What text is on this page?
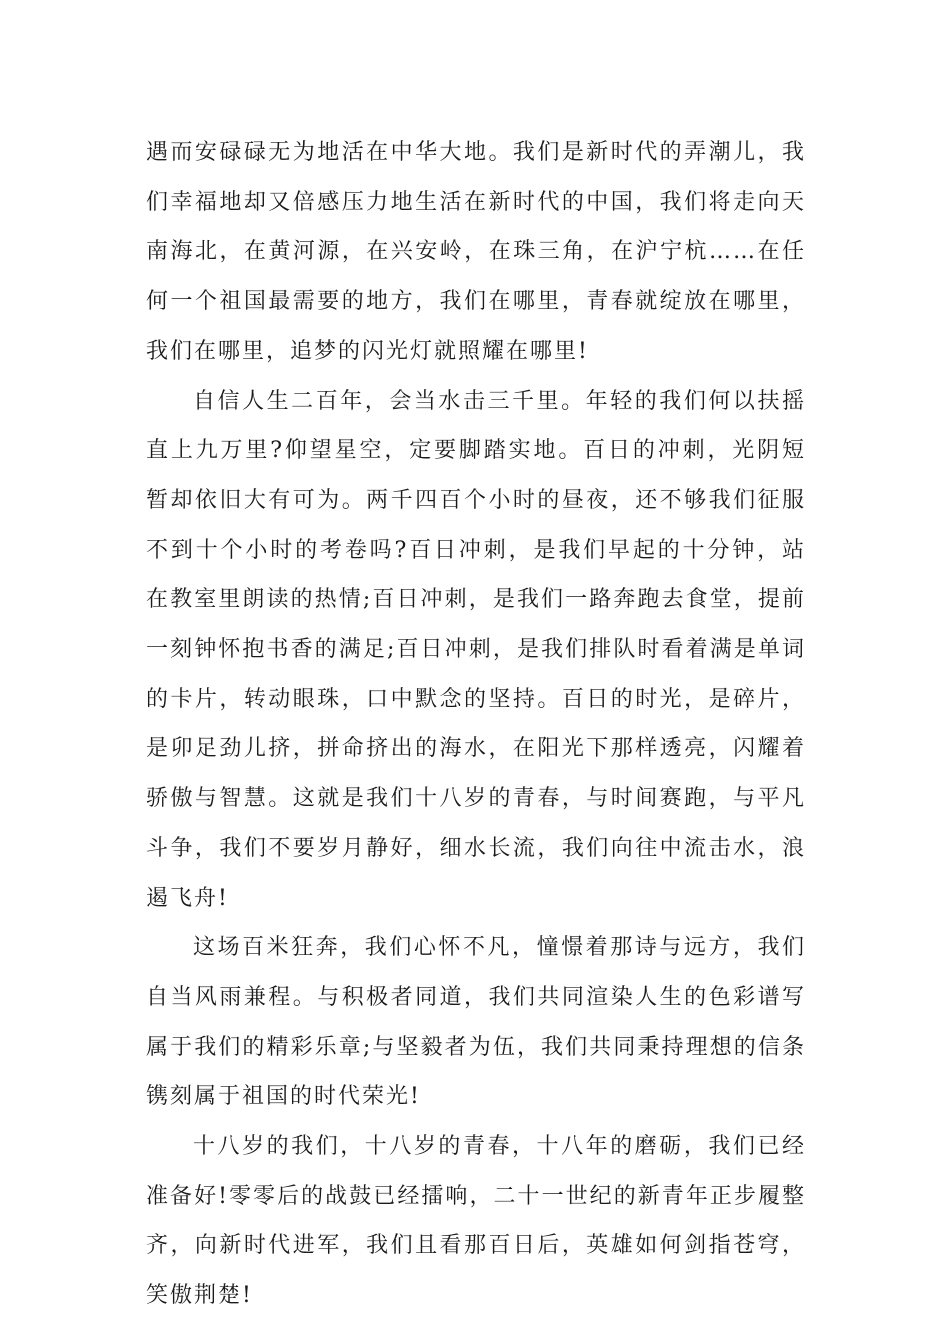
遇而安碌碌无为地活在中华大地。我们是新时代的弄潮儿，我们幸福地却又倍感压力地生活在新时代的中国，我们将走向天南海北，在黄河源，在兴安岭，在珠三角，在沪宁杭……在任何一个祖国最需要的地方，我们在哪里，青春就绽放在哪里，我们在哪里，追梦的闪光灯就照耀在哪里!

自信人生二百年，会当水击三千里。年轻的我们何以扶摇直上九万里?仰望星空，定要脚踏实地。百日的冲刺，光阴短暂却依旧大有可为。两千四百个小时的昼夜，还不够我们征服不到十个小时的考卷吗?百日冲刺，是我们早起的十分钟，站在教室里朗读的热情;百日冲刺，是我们一路奔跑去食堂，提前一刻钟怀抱书香的满足;百日冲刺，是我们排队时看着满是单词的卡片，转动眼珠，口中默念的坚持。百日的时光，是碎片，是卯足劲儿挤，拼命挤出的海水，在阳光下那样透亮，闪耀着骄傲与智慧。这就是我们十八岁的青春，与时间赛跑，与平凡斗争，我们不要岁月静好，细水长流，我们向往中流击水，浪遏飞舟!

这场百米狂奔，我们心怀不凡，憧憬着那诗与远方，我们自当风雨兼程。与积极者同道，我们共同渲染人生的色彩谱写属于我们的精彩乐章;与坚毅者为伍，我们共同秉持理想的信条镌刻属于祖国的时代荣光!

十八岁的我们，十八岁的青春，十八年的磨砺，我们已经准备好!零零后的战鼓已经擂响，二十一世纪的新青年正步履整齐，向新时代进军，我们且看那百日后，英雄如何剑指苍穹，笑傲荆楚!
